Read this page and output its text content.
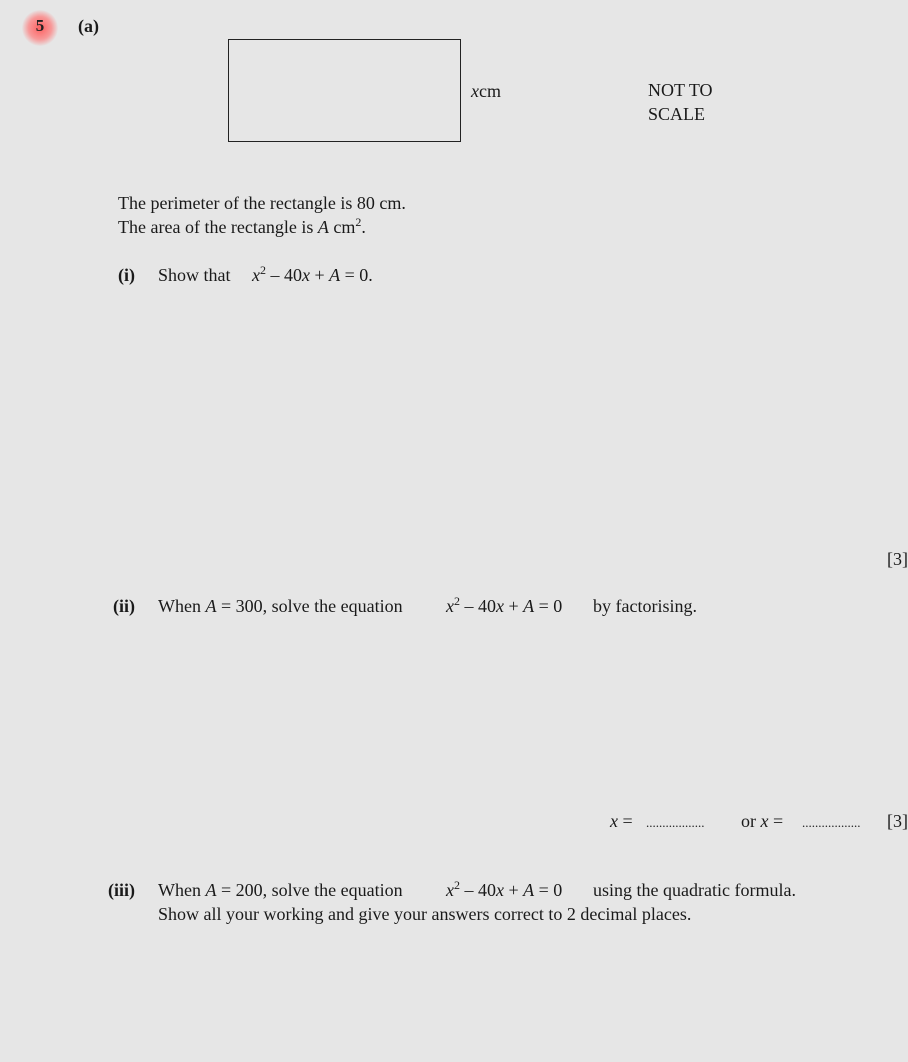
5	(a)
xcm	NOT TO
SCALE
The perimeter of the rectangle is 80 cm.
The area of the rectangle is A $cm^2$.
(i) Show that $x^2 - 40x + A = 0$.
[3]
(ii) When A = 300, solve the equation $x^2 - 40x + A = 0$ by factorising.
x = .................. or x = ..................	[3]
(iii) When A = 200, solve the equation $x^2 - 40x + A = 0$ using the quadratic formula.
Show all your working and give your answers correct to 2 decimal places.
